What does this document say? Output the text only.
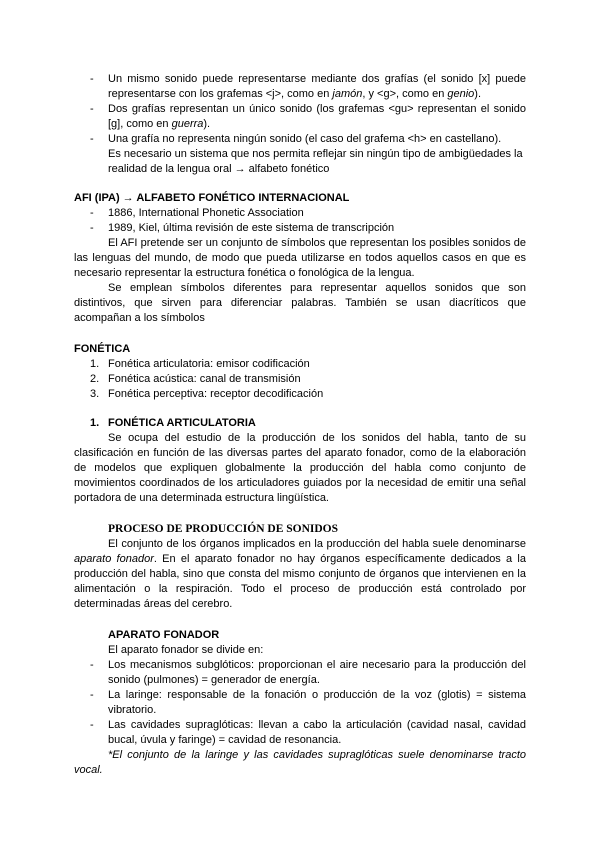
- Un mismo sonido puede representarse mediante dos grafías (el sonido [x] puede representarse con los grafemas <j>, como en jamón, y <g>, como en genio).
- Dos grafías representan un único sonido (los grafemas <gu> representan el sonido [g], como en guerra).
- Una grafía no representa ningún sonido (el caso del grafema <h> en castellano).
Es necesario un sistema que nos permita reflejar sin ningún tipo de ambigüedades la realidad de la lengua oral → alfabeto fonético
AFI (IPA) → ALFABETO FONÉTICO INTERNACIONAL
- 1886, International Phonetic Association
- 1989, Kiel, última revisión de este sistema de transcripción
El AFI pretende ser un conjunto de símbolos que representan los posibles sonidos de las lenguas del mundo, de modo que pueda utilizarse en todos aquellos casos en que es necesario representar la estructura fonética o fonológica de la lengua.
Se emplean símbolos diferentes para representar aquellos sonidos que son distintivos, que sirven para diferenciar palabras. También se usan diacríticos que acompañan a los símbolos
FONÉTICA
1. Fonética articulatoria: emisor codificación
2. Fonética acústica: canal de transmisión
3. Fonética perceptiva: receptor decodificación
1. FONÉTICA ARTICULATORIA
Se ocupa del estudio de la producción de los sonidos del habla, tanto de su clasificación en función de las diversas partes del aparato fonador, como de la elaboración de modelos que expliquen globalmente la producción del habla como conjunto de movimientos coordinados de los articuladores guiados por la necesidad de emitir una señal portadora de una determinada estructura lingüística.
PROCESO DE PRODUCCIÓN DE SONIDOS
El conjunto de los órganos implicados en la producción del habla suele denominarse aparato fonador. En el aparato fonador no hay órganos específicamente dedicados a la producción del habla, sino que consta del mismo conjunto de órganos que intervienen en la alimentación o la respiración. Todo el proceso de producción está controlado por determinadas áreas del cerebro.
APARATO FONADOR
El aparato fonador se divide en:
- Los mecanismos subglóticos: proporcionan el aire necesario para la producción del sonido (pulmones) = generador de energía.
- La laringe: responsable de la fonación o producción de la voz (glotis) = sistema vibratorio.
- Las cavidades supraglóticas: llevan a cabo la articulación (cavidad nasal, cavidad bucal, úvula y faringe) = cavidad de resonancia.
*El conjunto de la laringe y las cavidades supraglóticas suele denominarse tracto vocal.
